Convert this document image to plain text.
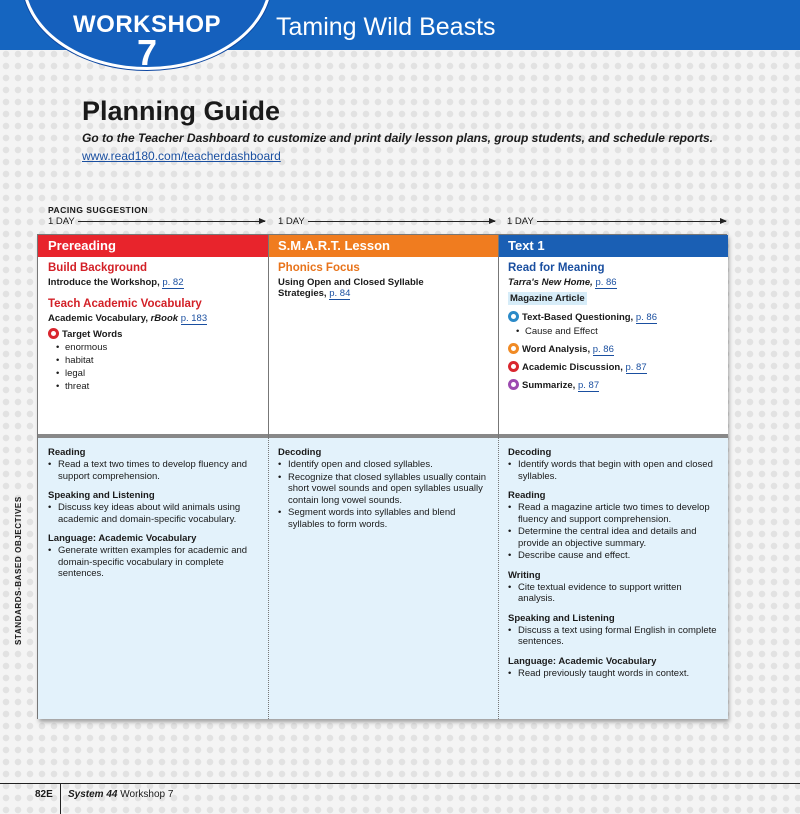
WORKSHOP
7
Taming Wild Beasts
Planning Guide
Go to the Teacher Dashboard to customize and print daily lesson plans, group students, and schedule reports.
www.read180.com/teacherdashboard
PACING SUGGESTION
1 DAY	1 DAY	1 DAY
Prereading
Build Background
Introduce the Workshop, p. 82
Teach Academic Vocabulary
Academic Vocabulary, rBook p. 183
Target Words
• enormous
• habitat
• legal
• threat
Reading
• Read a text two times to develop fluency and support comprehension.
Speaking and Listening
• Discuss key ideas about wild animals using academic and domain-specific vocabulary.
Language: Academic Vocabulary
• Generate written examples for academic and domain-specific vocabulary in complete sentences.
S.M.A.R.T. Lesson
Phonics Focus
Using Open and Closed Syllable
Strategies, p. 84
Decoding
• Identify open and closed syllables.
• Recognize that closed syllables usually contain short vowel sounds and open syllables usually contain long vowel sounds.
• Segment words into syllables and blend syllables to form words.
Text 1
Read for Meaning
Tarra's New Home, p. 86
Magazine Article
Text-Based Questioning, p. 86
• Cause and Effect
Word Analysis, p. 86
Academic Discussion, p. 87
Summarize, p. 87
Decoding
• Identify words that begin with open and closed syllables.
Reading
• Read a magazine article two times to develop fluency and support comprehension.
• Determine the central idea and details and provide an objective summary.
• Describe cause and effect.
Writing
• Cite textual evidence to support written analysis.
Speaking and Listening
• Discuss a text using formal English in complete sentences.
Language: Academic Vocabulary
• Read previously taught words in context.
STANDARDS-BASED OBJECTIVES
82E System 44 Workshop 7
